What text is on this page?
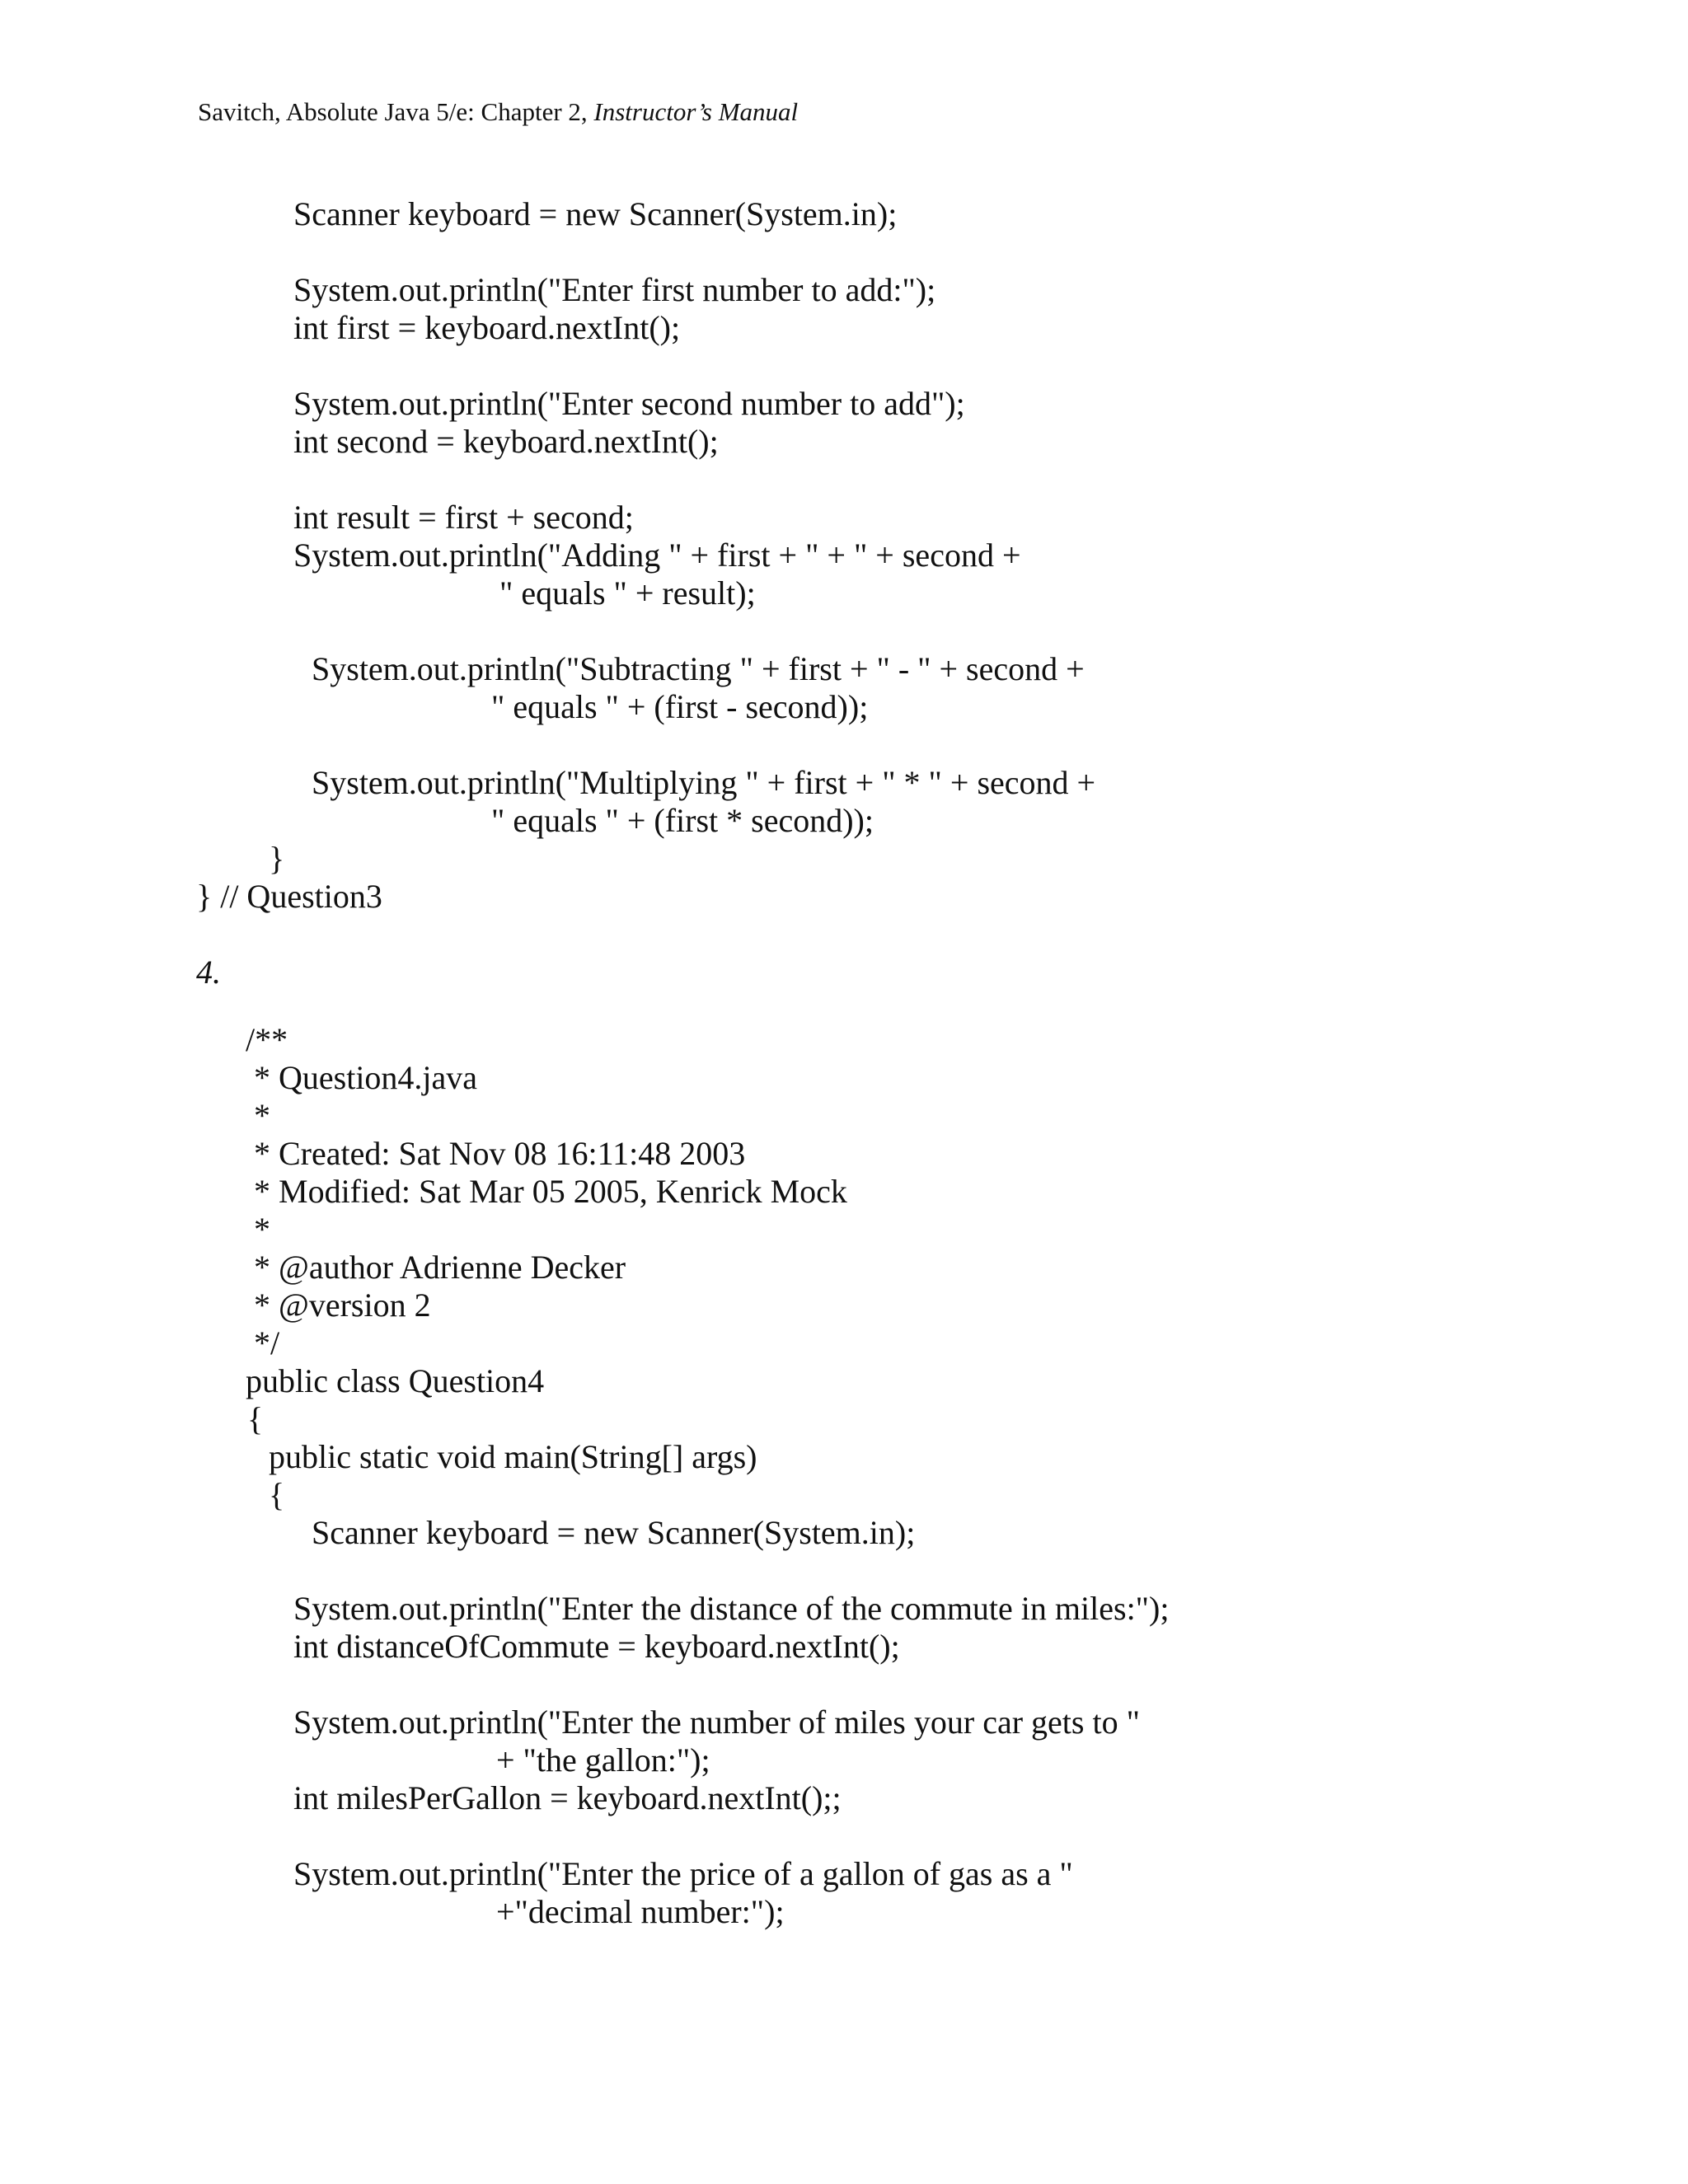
Savitch, Absolute Java 5/e: Chapter 2, Instructor’s Manual
Scanner keyboard = new Scanner(System.in);
System.out.println("Enter first number to add:");
int first = keyboard.nextInt();
System.out.println("Enter second number to add");
int second = keyboard.nextInt();
int result = first + second;
System.out.println("Adding " + first + " + " + second +
" equals " + result);
System.out.println("Subtracting " + first + " - " + second +
" equals " + (first - second));
System.out.println("Multiplying " + first + " * " + second +
" equals " + (first * second));
}
} // Question3
4.
/**
* Question4.java
*
* Created: Sat Nov 08 16:11:48 2003
* Modified: Sat Mar 05 2005, Kenrick Mock
*
* @author Adrienne Decker
* @version 2
*/
public class Question4
{
public static void main(String[] args)
{
Scanner keyboard = new Scanner(System.in);
System.out.println("Enter the distance of the commute in miles:");
int distanceOfCommute = keyboard.nextInt();
System.out.println("Enter the number of miles your car gets to "
+ "the gallon:");
int milesPerGallon = keyboard.nextInt();;
System.out.println("Enter the price of a gallon of gas as a "
+"decimal number:");
